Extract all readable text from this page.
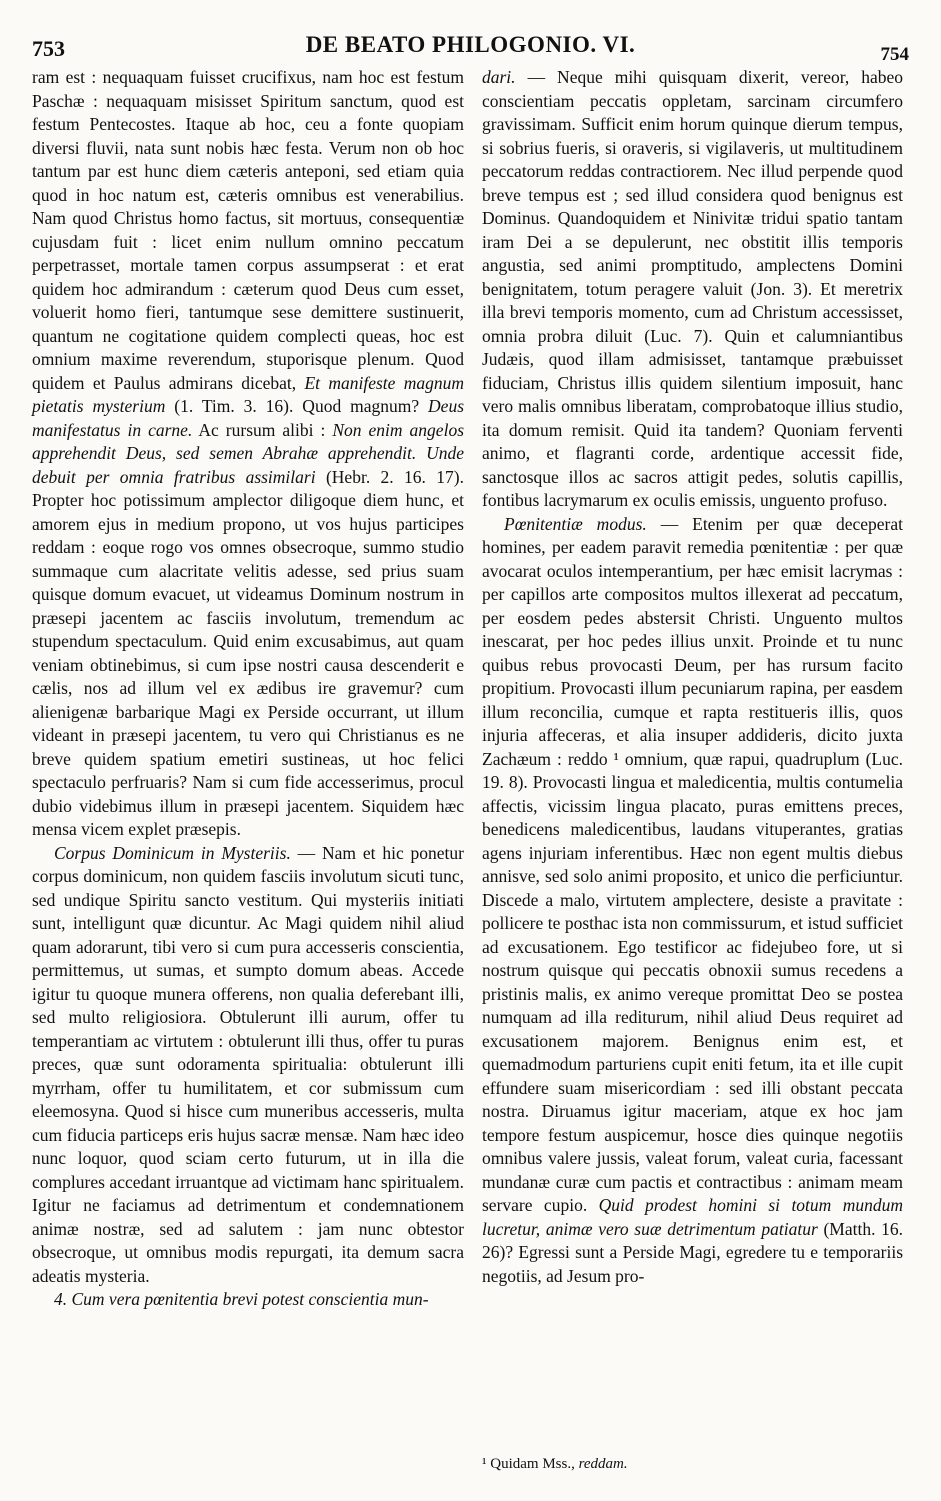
753	DE BEATO PHILOGONIO. VI.	754

ram est : nequaquam fuisset crucifixus, nam hoc est festum Paschæ : nequaquam misisset Spiritum sanctum, quod est festum Pentecostes. Itaque ab hoc, ceu a fonte quopiam diversi fluvii, nata sunt nobis hæc festa. Verum non ob hoc tantum par est hunc diem cæteris anteponi, sed etiam quia quod in hoc natum est, cæteris omnibus est venerabilius. Nam quod Christus homo factus, sit mortuus, consequentiæ cujusdam fuit : licet enim nullum omnino peccatum perpetrasset, mortale tamen corpus assumpserat : et erat quidem hoc admirandum : cæterum quod Deus cum esset, voluerit homo fieri, tantumque sese demittere sustinuerit, quantum ne cogitatione quidem complecti queas, hoc est omnium maxime reverendum, stuporisque plenum. Quod quidem et Paulus admirans dicebat, Et manifeste magnum pietatis mysterium (1. Tim. 3. 16). Quod magnum? Deus manifestatus in carne. Ac rursum alibi : Non enim angelos apprehendit Deus, sed semen Abrahæ apprehendit. Unde debuit per omnia fratribus assimilari (Hebr. 2. 16. 17). Propter hoc potissimum amplector diligoque diem hunc, et amorem ejus in medium propono, ut vos hujus participes reddam : eoque rogo vos omnes obsecroque, summo studio summaque cum alacritate velitis adesse, sed prius suam quisque domum evacuet, ut videamus Dominum nostrum in præsepi jacentem ac fasciis involutum, tremendum ac stupendum spectaculum. Quid enim excusabimus, aut quam veniam obtinebimus, si cum ipse nostri causa descenderit e cælis, nos ad illum vel ex ædibus ire gravemur? cum alienigenæ barbarique Magi ex Perside occurrant, ut illum videant in præsepi jacentem, tu vero qui Christianus es ne breve quidem spatium emetiri sustineas, ut hoc felici spectaculo perfruaris? Nam si cum fide accesserimus, procul dubio videbimus illum in præsepi jacentem. Siquidem hæc mensa vicem explet præsepis.

Corpus Dominicum in Mysteriis. — Nam et hic ponetur corpus dominicum, non quidem fasciis involutum sicuti tunc, sed undique Spiritu sancto vestitum. Qui mysteriis initiati sunt, intelligunt quæ dicuntur. Ac Magi quidem nihil aliud quam adorarunt, tibi vero si cum pura accesseris conscientia, permittemus, ut sumas, et sumpto domum abeas. Accede igitur tu quoque munera offerens, non qualia deferebant illi, sed multo religiosiora. Obtulerunt illi aurum, offer tu temperantiam ac virtutem : obtulerunt illi thus, offer tu puras preces, quæ sunt odoramenta spiritualia: obtulerunt illi myrrham, offer tu humilitatem, et cor submissum cum eleemosyna. Quod si hisce cum muneribus accesseris, multa cum fiducia particeps eris hujus sacræ mensæ. Nam hæc ideo nunc loquor, quod sciam certo futurum, ut in illa die complures accedant irruantque ad victimam hanc spiritualem. Igitur ne faciamus ad detrimentum et condemnationem animæ nostræ, sed ad salutem : jam nunc obtestor obsecroque, ut omnibus modis repurgati, ita demum sacra adeatis mysteria.

4. Cum vera pœnitentia brevi potest conscientia mun-

dari. — Neque mihi quisquam dixerit, vereor, habeo conscientiam peccatis oppletam, sarcinam circumfero gravissimam. Sufficit enim horum quinque dierum tempus, si sobrius fueris, si oraveris, si vigilaveris, ut multitudinem peccatorum reddas contractiorem. Nec illud perpende quod breve tempus est ; sed illud considera quod benignus est Dominus. Quandoquidem et Ninivitæ tridui spatio tantam iram Dei a se depulerunt, nec obstitit illis temporis angustia, sed animi promptitudo, amplectens Domini benignitatem, totum peragere valuit (Jon. 3). Et meretrix illa brevi temporis momento, cum ad Christum accessisset, omnia probra diluit (Luc. 7). Quin et calumniantibus Judæis, quod illam admisisset, tantamque præbuisset fiduciam, Christus illis quidem silentium imposuit, hanc vero malis omnibus liberatam, comprobatoque illius studio, ita domum remisit. Quid ita tandem? Quoniam ferventi animo, et flagranti corde, ardentique accessit fide, sanctosque illos ac sacros attigit pedes, solutis capillis, fontibus lacrymarum ex oculis emissis, unguento profuso.

Pœnitentiæ modus. — Etenim per quæ deceperat homines, per eadem paravit remedia pœnitentiæ : per quæ avocarat oculos intemperantium, per hæc emisit lacrymas : per capillos arte compositos multos illexerat ad peccatum, per eosdem pedes abstersit Christi. Unguento multos inescarat, per hoc pedes illius unxit. Proinde et tu nunc quibus rebus provocasti Deum, per has rursum facito propitium. Provocasti illum pecuniarum rapina, per easdem illum reconcilia, cumque et rapta restitueris illis, quos injuria affeceras, et alia insuper addideris, dicito juxta Zachæum : reddo ¹ omnium, quæ rapui, quadruplum (Luc. 19. 8). Provocasti lingua et maledicentia, multis contumelia affectis, vicissim lingua placato, puras emittens preces, benedicens maledicentibus, laudans vituperantes, gratias agens injuriam inferentibus. Hæc non egent multis diebus annisve, sed solo animi proposito, et unico die perficiuntur. Discede a malo, virtutem amplectere, desiste a pravitate : pollicere te posthac ista non commissurum, et istud sufficiet ad excusationem. Ego testificor ac fidejubeo fore, ut si nostrum quisque qui peccatis obnoxii sumus recedens a pristinis malis, ex animo vereque promittat Deo se postea numquam ad illa rediturum, nihil aliud Deus requiret ad excusationem majorem. Benignus enim est, et quemadmodum parturiens cupit eniti fetum, ita et ille cupit effundere suam misericordiam : sed illi obstant peccata nostra. Diruamus igitur maceriam, atque ex hoc jam tempore festum auspicemur, hosce dies quinque negotiis omnibus valere jussis, valeat forum, valeat curia, facessant mundanæ curæ cum pactis et contractibus : animam meam servare cupio. Quid prodest homini si totum mundum lucretur, animæ vero suæ detrimentum patiatur (Matth. 16. 26)? Egressi sunt a Perside Magi, egredere tu e temporariis negotiis, ad Jesum pro-

¹ Quidam Mss., reddam.
